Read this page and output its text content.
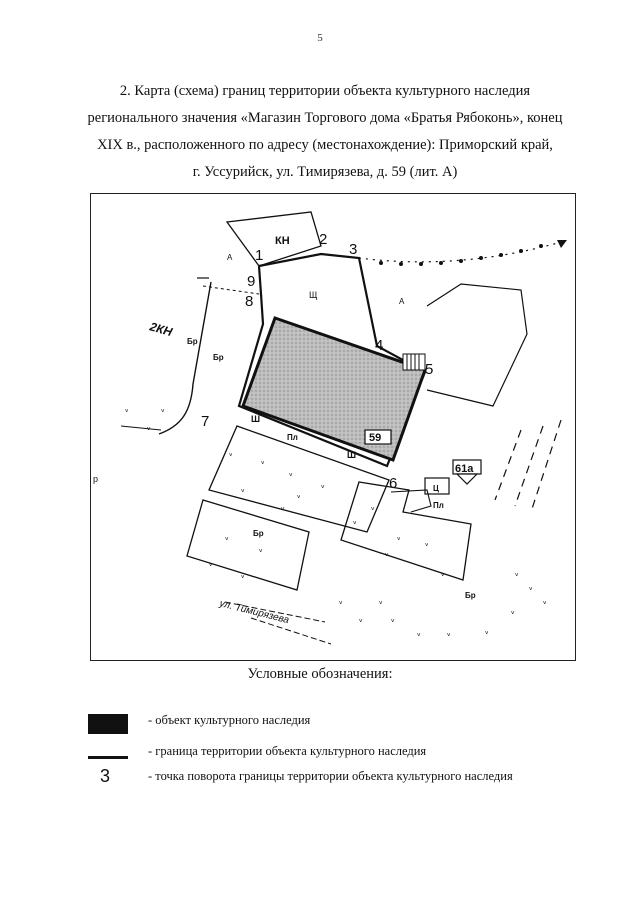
5
2. Карта (схема) границ территории объекта культурного наследия
регионального значения «Магазин Торгового дома «Братья Рябоконь», конец
XIX в., расположенного по адресу (местонахождение): Приморский край,
г. Уссурийск, ул. Тимирязева, д. 59 (лит. А)
ᵥ
ᵥ
ᵥ
ᵥ
ᵥ
ᵥ
ᵥ
ᵥ
ᵥ
ᵥ
ᵥ
ᵥ
ᵥ
ᵥ
ᵥ
ᵥ
ᵥ
ᵥ
ᵥ
ᵥ
ᵥ	ᵥ
ᵥ	ᵥ
ᵥ	ᵥ	ᵥ
ᵥ
ᵥ
ᵥ
ᵥ
КН
Щ
А
А
2КН
Бр
Бр
Бр
Бр
Пл
Пл
Ш
Ш
Ц
р
59
61а
ул. Тимирязева
1
2
3
4
5
6
7
8
9
Условные обозначения:
- объект культурного наследия
- граница территории объекта культурного наследия
3	- точка поворота границы территории объекта культурного наследия
